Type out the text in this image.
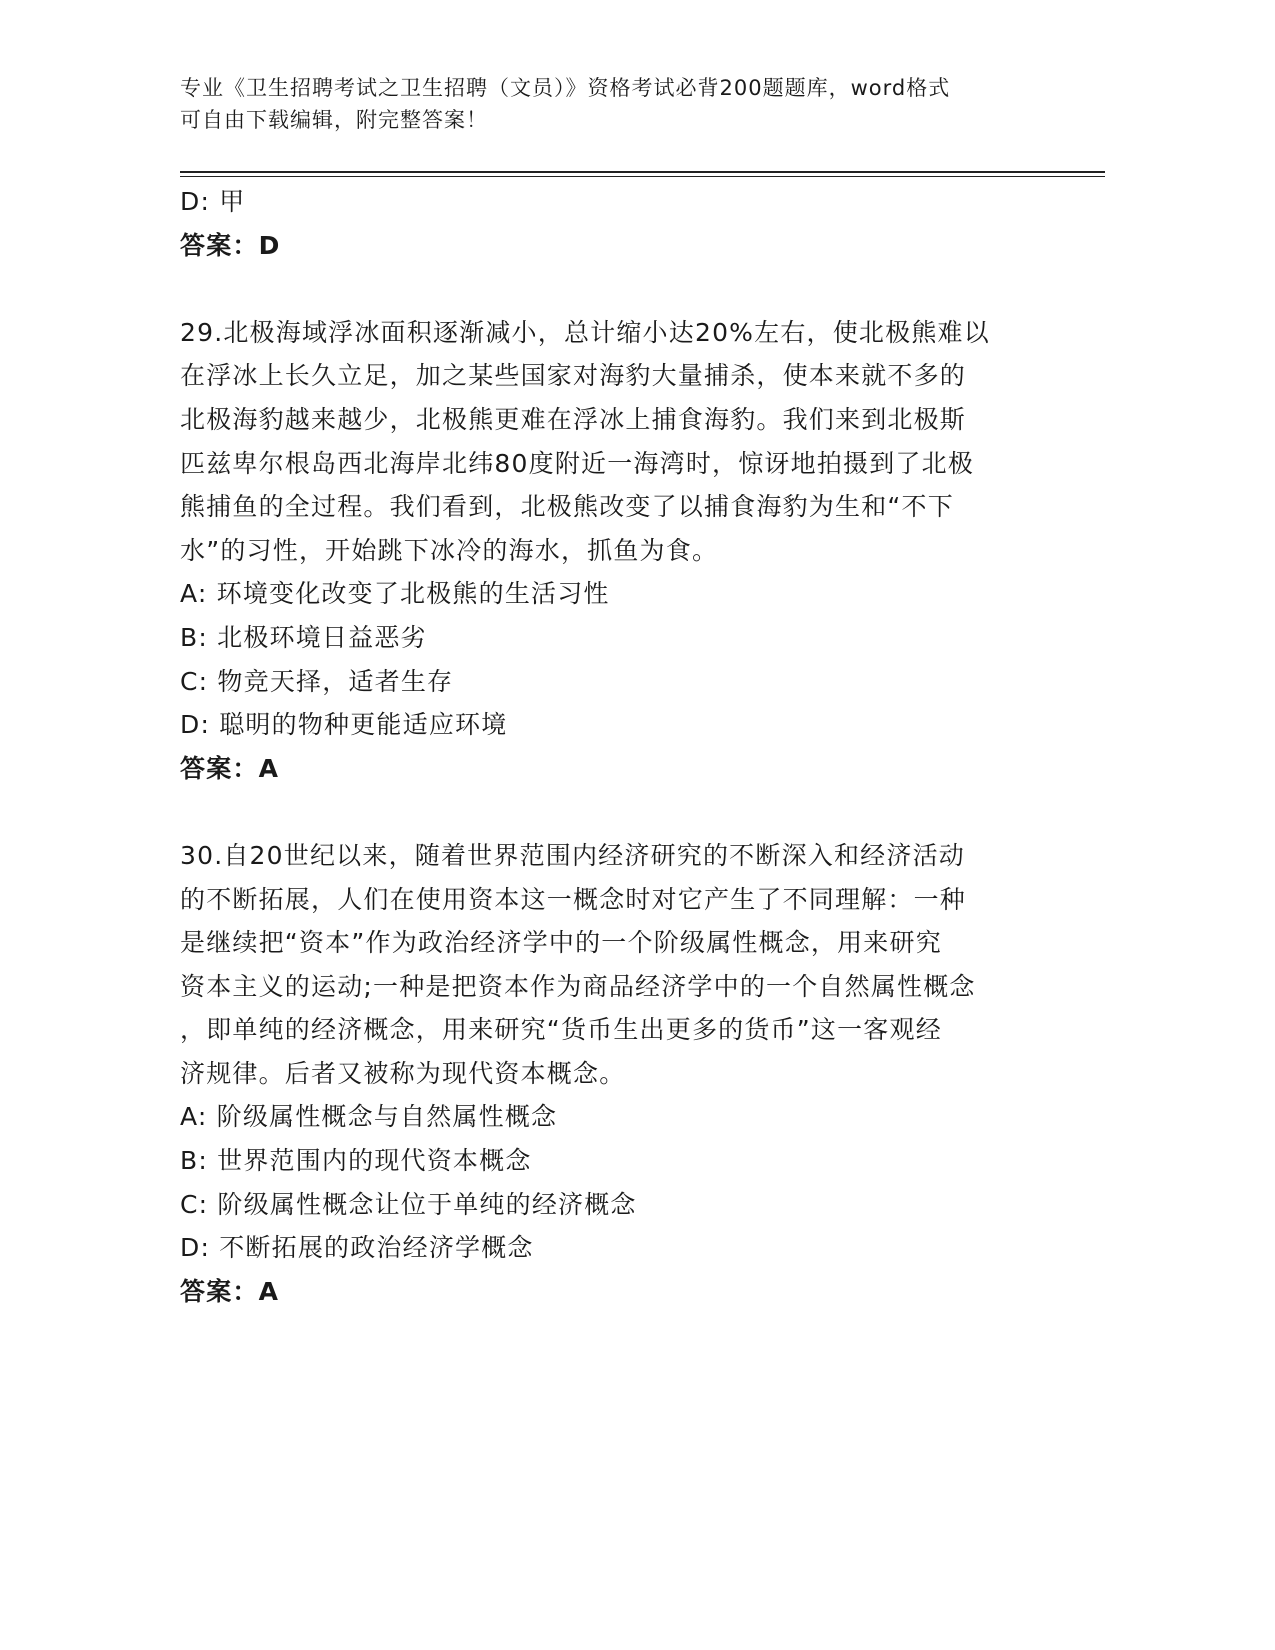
专业《卫生招聘考试之卫生招聘（文员）》资格考试必背200题题库，word格式
可自由下载编辑，附完整答案！
D: 甲
答案：D
29.北极海域浮冰面积逐渐减小，总计缩小达20%左右，使北极熊难以
在浮冰上长久立足，加之某些国家对海豹大量捕杀，使本来就不多的
北极海豹越来越少，北极熊更难在浮冰上捕食海豹。我们来到北极斯
匹兹卑尔根岛西北海岸北纬80度附近一海湾时，惊讶地拍摄到了北极
熊捕鱼的全过程。我们看到，北极熊改变了以捕食海豹为生和“不下
水”的习性，开始跳下冰冷的海水，抓鱼为食。
A: 环境变化改变了北极熊的生活习性
B: 北极环境日益恶劣
C: 物竞天择，适者生存
D: 聪明的物种更能适应环境
答案：A
30.自20世纪以来，随着世界范围内经济研究的不断深入和经济活动
的不断拓展，人们在使用资本这一概念时对它产生了不同理解：一种
是继续把“资本”作为政治经济学中的一个阶级属性概念，用来研究
资本主义的运动;一种是把资本作为商品经济学中的一个自然属性概念
，即单纯的经济概念，用来研究“货币生出更多的货币”这一客观经
济规律。后者又被称为现代资本概念。
A: 阶级属性概念与自然属性概念
B: 世界范围内的现代资本概念
C: 阶级属性概念让位于单纯的经济概念
D: 不断拓展的政治经济学概念
答案：A
